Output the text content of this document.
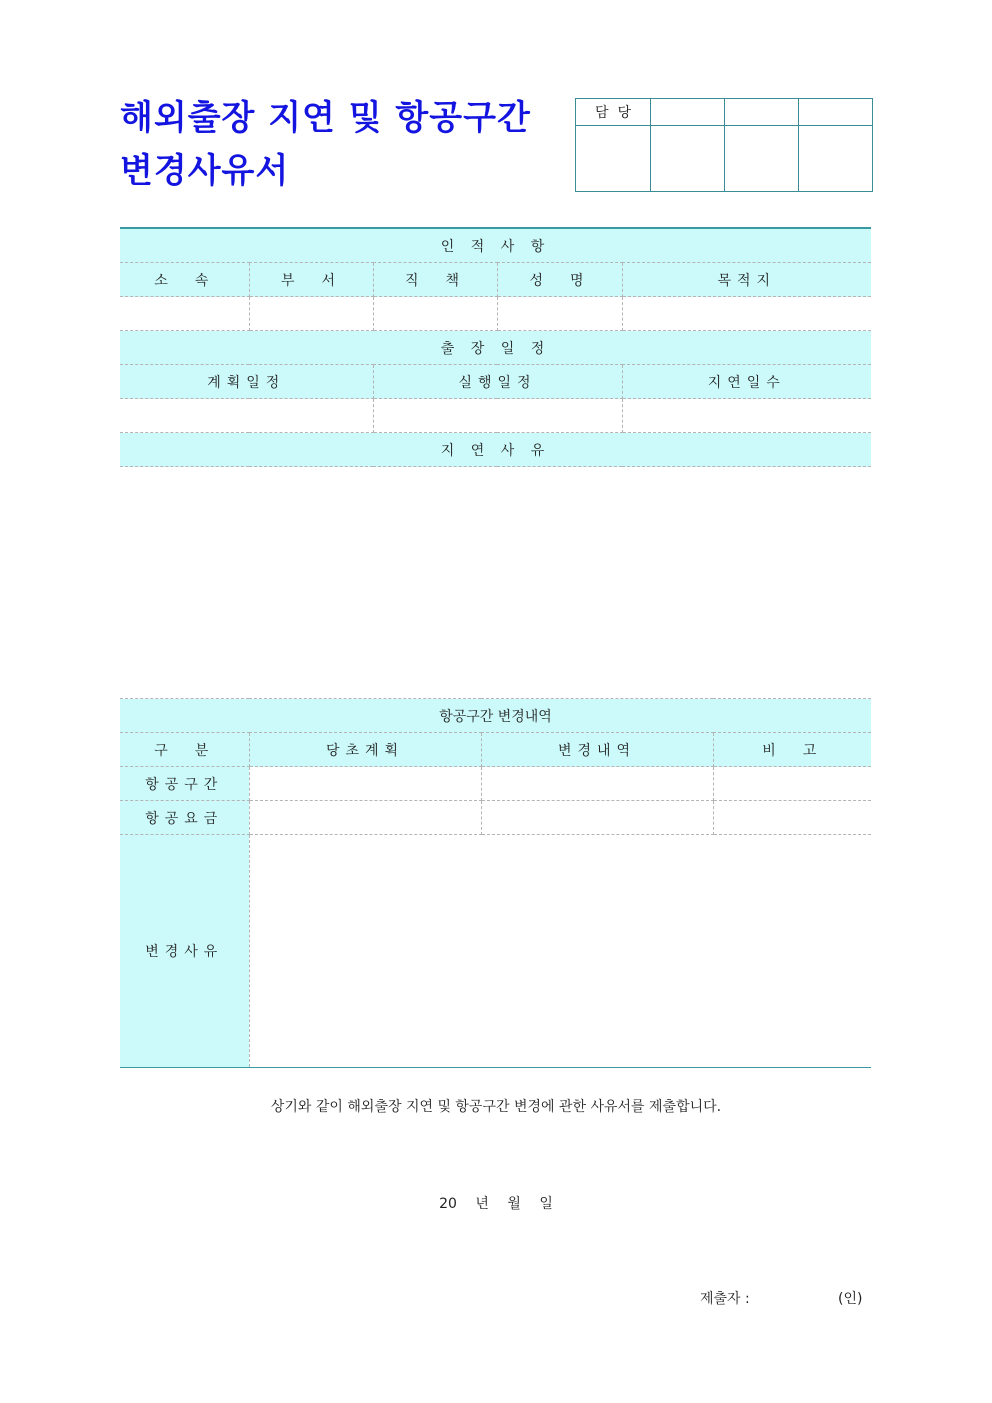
해외출장 지연 및 항공구간
변경사유서
담  당			

인 적 사 항				
소  속	부  서	직  책	성  명	목적지

출 장 일 정				
계획일정		실행일정		지연일수

지 연 사 유				

항공구간 변경내역			
구  분	당초계획	변경내역	비  고
항공구간			
항공요금			
변경사유			
상기와 같이 해외출장 지연 및 항공구간 변경에 관한 사유서를 제출합니다.
20 년 월 일
제출자 :	(인)
